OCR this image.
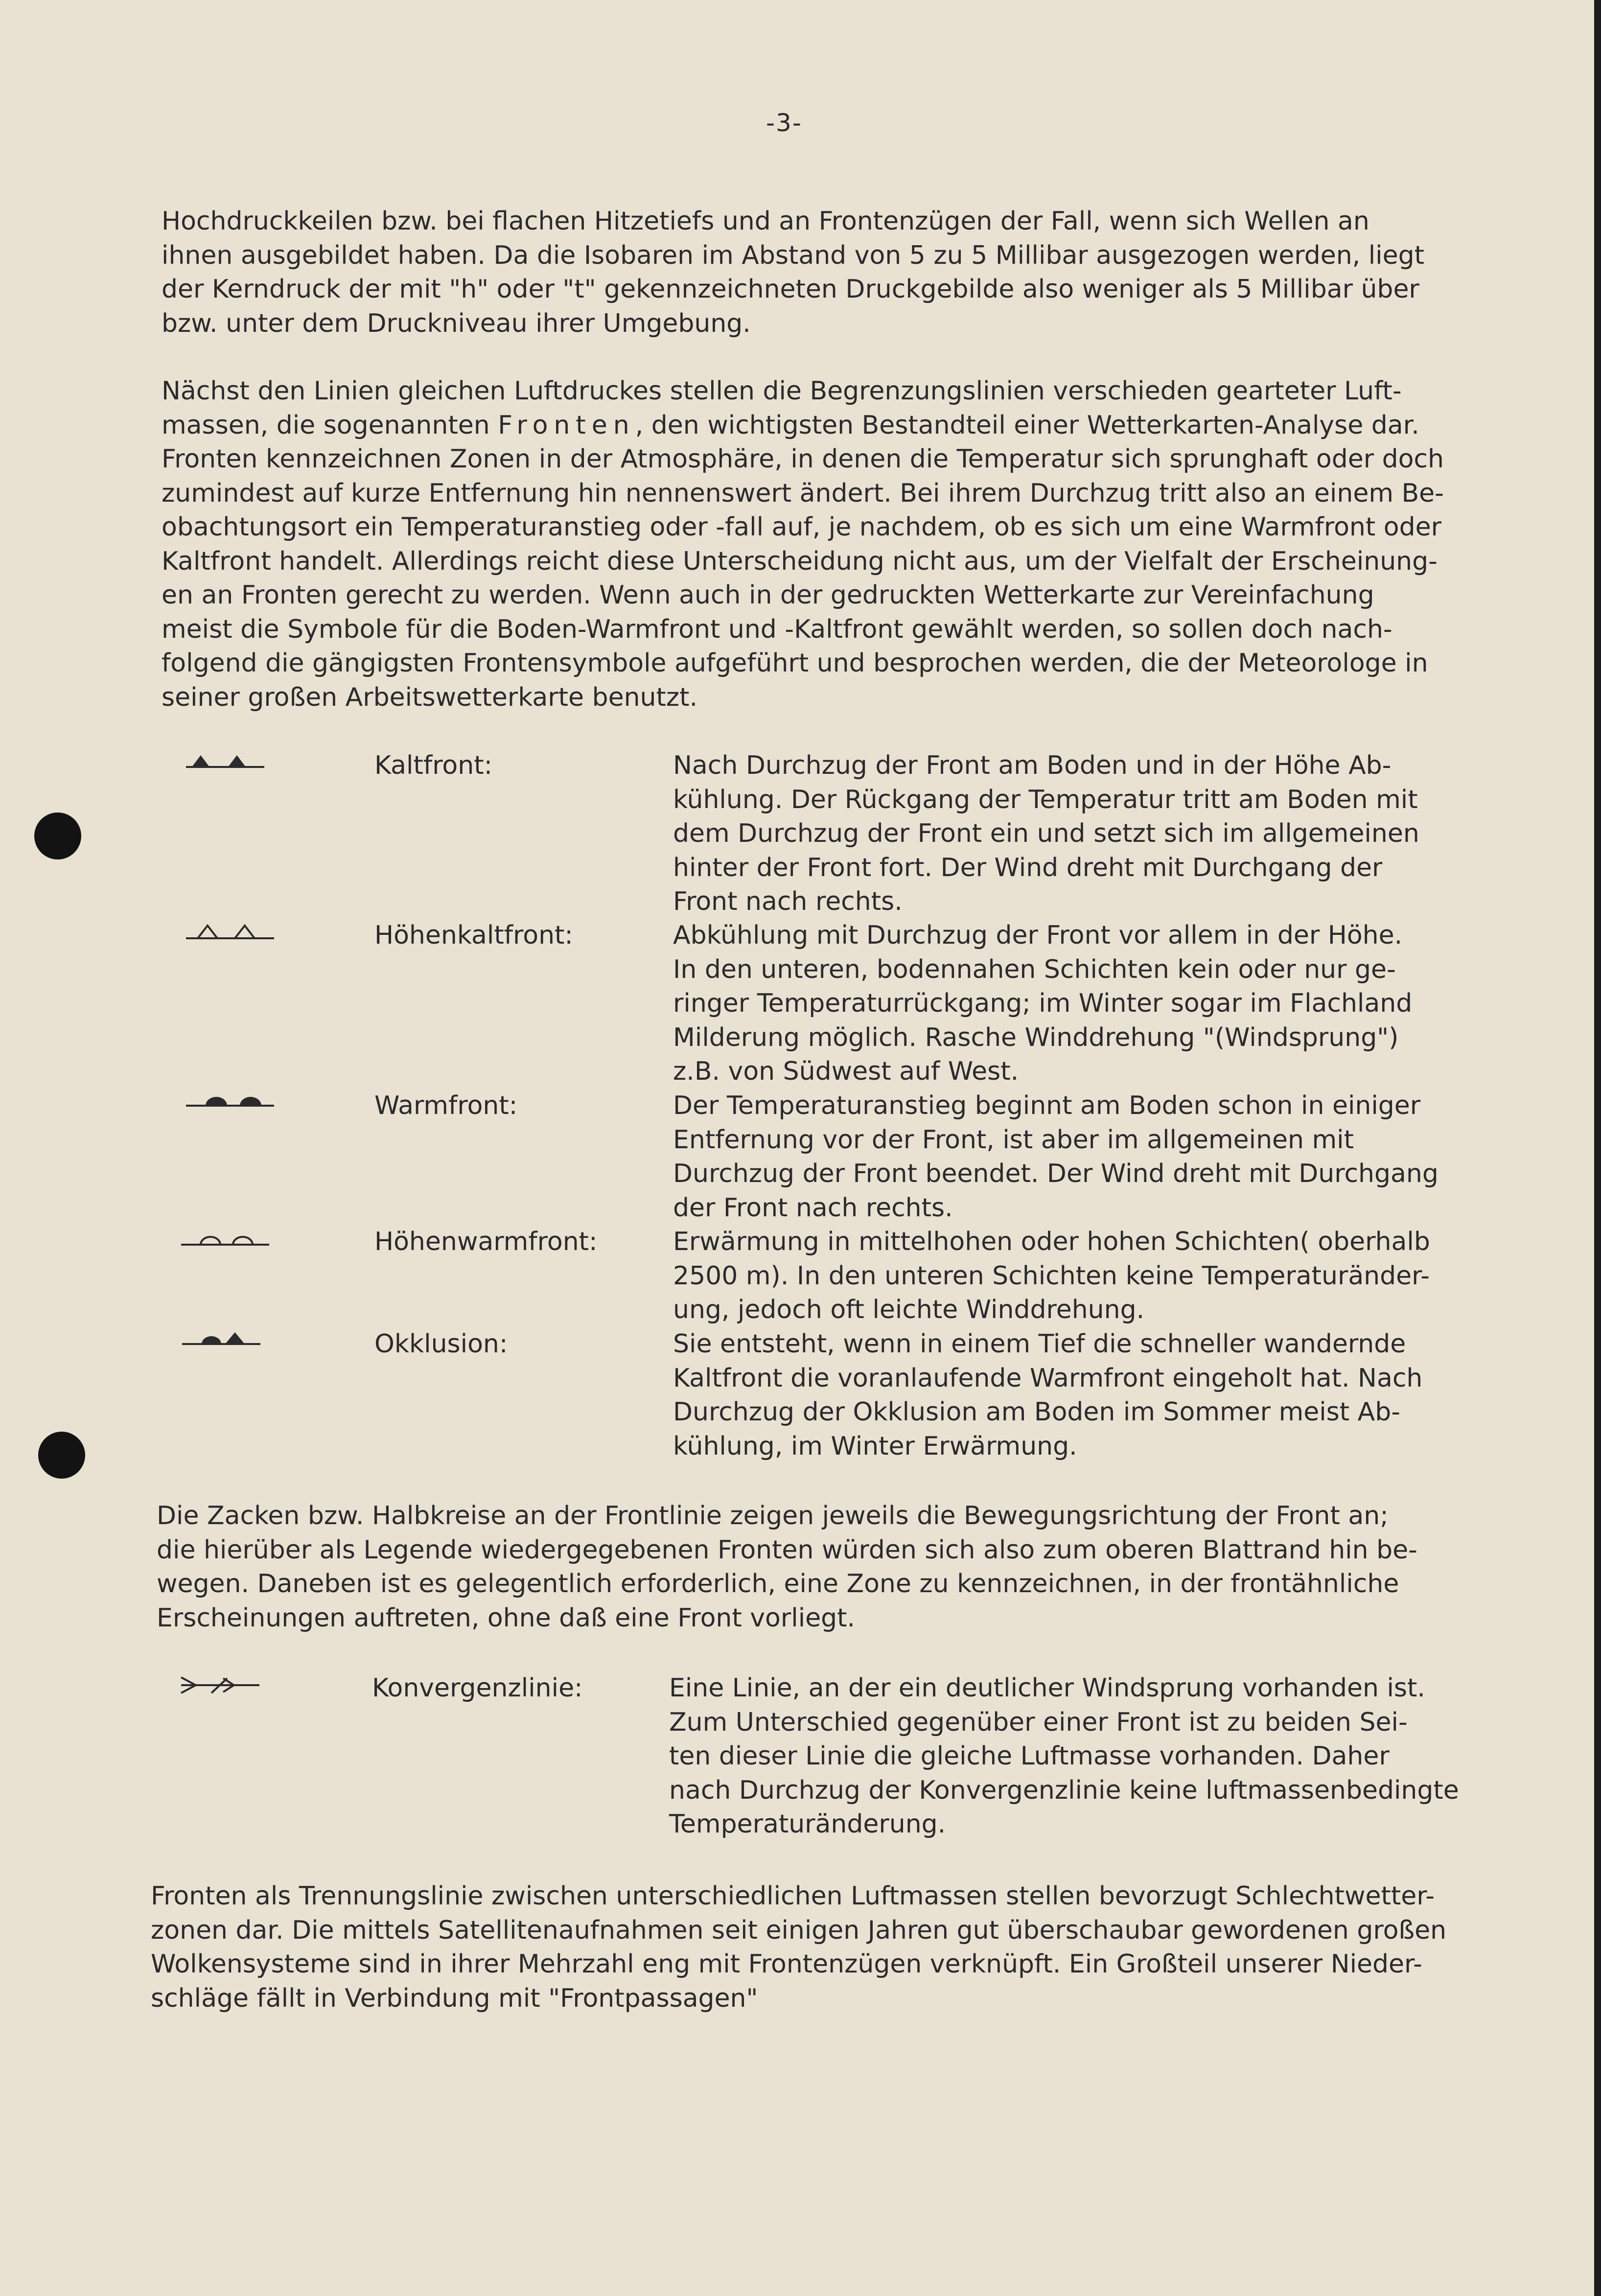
-3-
Hochdruckkeilen bzw. bei flachen Hitzetiefs und an Frontenzügen der Fall, wenn sich Wellen an
ihnen ausgebildet haben. Da die Isobaren im Abstand von 5 zu 5 Millibar ausgezogen werden, liegt
der Kerndruck der mit "h" oder "t" gekennzeichneten Druckgebilde also weniger als 5 Millibar über
bzw. unter dem Druckniveau ihrer Umgebung.
Nächst den Linien gleichen Luftdruckes stellen die Begrenzungslinien verschieden gearteter Luft-
massen, die sogenannten Fronten, den wichtigsten Bestandteil einer Wetterkarten-Analyse dar.
Fronten kennzeichnen Zonen in der Atmosphäre, in denen die Temperatur sich sprunghaft oder doch
zumindest auf kurze Entfernung hin nennenswert ändert. Bei ihrem Durchzug tritt also an einem Be-
obachtungsort ein Temperaturanstieg oder -fall auf, je nachdem, ob es sich um eine Warmfront oder
Kaltfront handelt. Allerdings reicht diese Unterscheidung nicht aus, um der Vielfalt der Erscheinung-
en an Fronten gerecht zu werden. Wenn auch in der gedruckten Wetterkarte zur Vereinfachung
meist die Symbole für die Boden-Warmfront und -Kaltfront gewählt werden, so sollen doch nach-
folgend die gängigsten Frontensymbole aufgeführt und besprochen werden, die der Meteorologe in
seiner großen Arbeitswetterkarte benutzt.
Kaltfront:	Nach Durchzug der Front am Boden und in der Höhe Ab-
kühlung. Der Rückgang der Temperatur tritt am Boden mit
dem Durchzug der Front ein und setzt sich im allgemeinen
hinter der Front fort. Der Wind dreht mit Durchgang der
Front nach rechts.
Höhenkaltfront:	Abkühlung mit Durchzug der Front vor allem in der Höhe.
In den unteren, bodennahen Schichten kein oder nur ge-
ringer Temperaturrückgang; im Winter sogar im Flachland
Milderung möglich. Rasche Winddrehung "(Windsprung")
z.B. von Südwest auf West.
Warmfront:	Der Temperaturanstieg beginnt am Boden schon in einiger
Entfernung vor der Front, ist aber im allgemeinen mit
Durchzug der Front beendet. Der Wind dreht mit Durchgang
der Front nach rechts.
Höhenwarmfront:	Erwärmung in mittelhohen oder hohen Schichten( oberhalb
2500 m). In den unteren Schichten keine Temperaturänder-
ung, jedoch oft leichte Winddrehung.
Okklusion:	Sie entsteht, wenn in einem Tief die schneller wandernde
Kaltfront die voranlaufende Warmfront eingeholt hat. Nach
Durchzug der Okklusion am Boden im Sommer meist Ab-
kühlung, im Winter Erwärmung.
Die Zacken bzw. Halbkreise an der Frontlinie zeigen jeweils die Bewegungsrichtung der Front an;
die hierüber als Legende wiedergegebenen Fronten würden sich also zum oberen Blattrand hin be-
wegen. Daneben ist es gelegentlich erforderlich, eine Zone zu kennzeichnen, in der frontähnliche
Erscheinungen auftreten, ohne daß eine Front vorliegt.
Konvergenzlinie:	Eine Linie, an der ein deutlicher Windsprung vorhanden ist.
Zum Unterschied gegenüber einer Front ist zu beiden Sei-
ten dieser Linie die gleiche Luftmasse vorhanden. Daher
nach Durchzug der Konvergenzlinie keine luftmassenbedingte
Temperaturänderung.
Fronten als Trennungslinie zwischen unterschiedlichen Luftmassen stellen bevorzugt Schlechtwetter-
zonen dar. Die mittels Satellitenaufnahmen seit einigen Jahren gut überschaubar gewordenen großen
Wolkensysteme sind in ihrer Mehrzahl eng mit Frontenzügen verknüpft. Ein Großteil unserer Nieder-
schläge fällt in Verbindung mit "Frontpassagen"
